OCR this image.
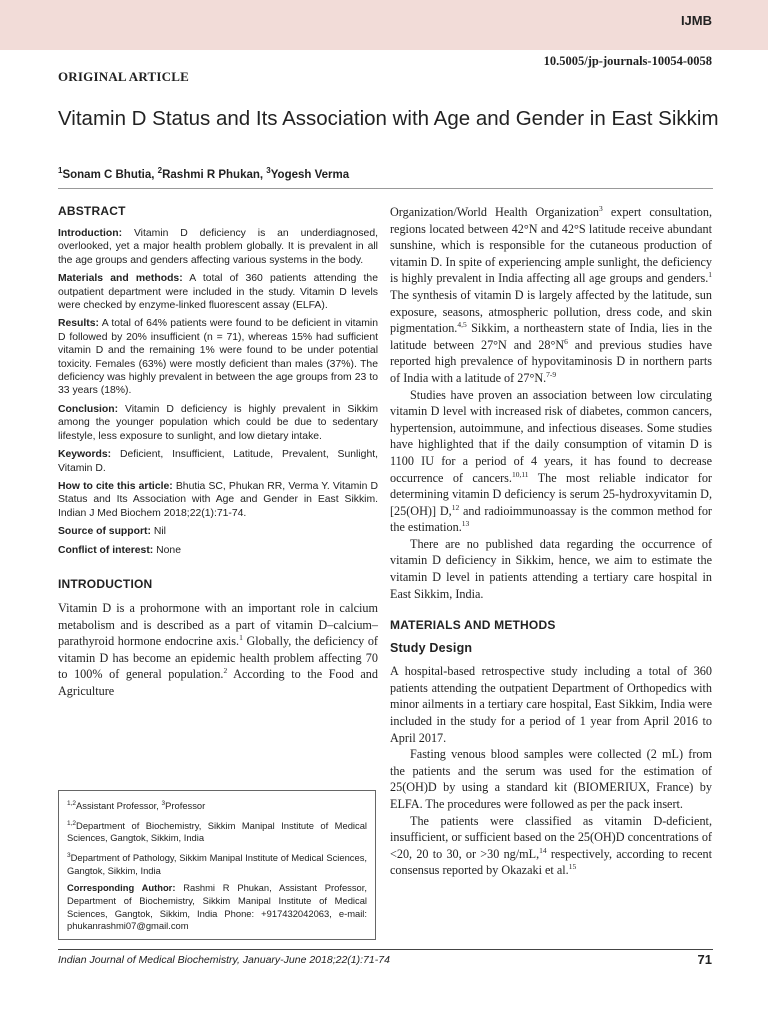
IJMB
10.5005/jp-journals-10054-0058
ORIGINAL ARTICLE
Vitamin D Status and Its Association with Age and Gender in East Sikkim
$^1$Sonam C Bhutia, $^2$Rashmi R Phukan, $^3$Yogesh Verma
ABSTRACT

Introduction: Vitamin D deficiency is an underdiagnosed, overlooked, yet a major health problem globally. It is prevalent in all the age groups and genders affecting various systems in the body.

Materials and methods: A total of 360 patients attending the outpatient department were included in the study. Vitamin D levels were checked by enzyme-linked fluorescent assay (ELFA).

Results: A total of 64% patients were found to be deficient in vitamin D followed by 20% insufficient (n = 71), whereas 15% had sufficient vitamin D and the remaining 1% were found to be under potential toxicity. Females (63%) were mostly deficient than males (37%). The deficiency was highly prevalent in between the age groups from 23 to 33 years (18%).

Conclusion: Vitamin D deficiency is highly prevalent in Sikkim among the younger population which could be due to sedentary lifestyle, less exposure to sunlight, and low dietary intake.

Keywords: Deficient, Insufficient, Latitude, Prevalent, Sunlight, Vitamin D.

How to cite this article: Bhutia SC, Phukan RR, Verma Y. Vitamin D Status and Its Association with Age and Gender in East Sikkim. Indian J Med Biochem 2018;22(1):71-74.

Source of support: Nil

Conflict of interest: None

INTRODUCTION

Vitamin D is a prohormone with an important role in calcium metabolism and is described as a part of vitamin D–calcium–parathyroid hormone endocrine axis.$^1$ Globally, the deficiency of vitamin D has become an epidemic health problem affecting 70 to 100% of general population.$^2$ According to the Food and Agriculture

Organization/World Health Organization$^3$ expert consultation, regions located between 42°N and 42°S latitude receive abundant sunshine, which is responsible for the cutaneous production of vitamin D. In spite of experiencing ample sunlight, the deficiency is highly prevalent in India affecting all age groups and genders.$^1$ The synthesis of vitamin D is largely affected by the latitude, sun exposure, seasons, atmospheric pollution, dress code, and skin pigmentation.$^{4,5}$ Sikkim, a northeastern state of India, lies in the latitude between 27°N and $28^\circ N^6$ and previous studies have reported high prevalence of hypovitaminosis D in northern parts of India with a latitude of 27°N.$^{7-9}$

Studies have proven an association between low circulating vitamin D level with increased risk of diabetes, common cancers, hypertension, autoimmune, and infectious diseases. Some studies have highlighted that if the daily consumption of vitamin D is 1100 IU for a period of 4 years, it has found to decrease occurrence of cancers.$^{10,11}$ The most reliable indicator for determining vitamin D deficiency is serum 25-hydroxyvitamin D, [25(OH)] D,$^{12}$ and radioimmunoassay is the common method for the estimation.$^{13}$

There are no published data regarding the occurrence of vitamin D deficiency in Sikkim, hence, we aim to estimate the vitamin D level in patients attending a tertiary care hospital in East Sikkim, India.

MATERIALS AND METHODS
Study Design

A hospital-based retrospective study including a total of 360 patients attending the outpatient Department of Orthopedics with minor ailments in a tertiary care hospital, East Sikkim, India were included in the study for a period of 1 year from April 2016 to April 2017.

Fasting venous blood samples were collected (2 mL) from the patients and the serum was used for the estimation of 25(OH)D by using a standard kit (BIOMERIUX, France) by ELFA. The procedures were followed as per the pack insert.

The patients were classified as vitamin D-deficient, insufficient, or sufficient based on the 25(OH)D concentrations of <20, 20 to 30, or >30 ng/mL,$^{14}$ respectively, according to recent consensus reported by Okazaki et al.$^{15}$

$^{1,2}$Assistant Professor, $^3$Professor

$^{1,2}$Department of Biochemistry, Sikkim Manipal Institute of Medical Sciences, Gangtok, Sikkim, India

$^3$Department of Pathology, Sikkim Manipal Institute of Medical Sciences, Gangtok, Sikkim, India

Corresponding Author: Rashmi R Phukan, Assistant Professor, Department of Biochemistry, Sikkim Manipal Institute of Medical Sciences, Gangtok, Sikkim, India Phone: +917432042063, e-mail: phukanrashmi07@gmail.com

Indian Journal of Medical Biochemistry, January-June 2018;22(1):71-74	71
